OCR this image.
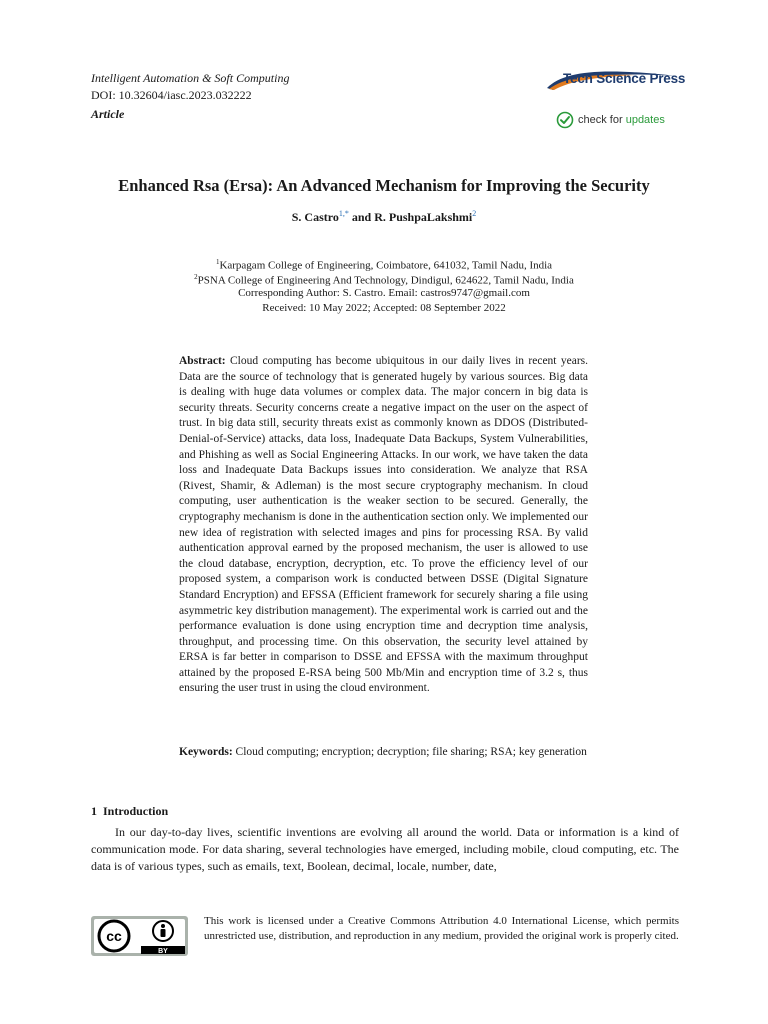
Intelligent Automation & Soft Computing
DOI: 10.32604/iasc.2023.032222
Article
Tech Science Press
check for updates
Enhanced Rsa (Ersa): An Advanced Mechanism for Improving the Security
S. Castro$^{1,*}$ and R. PushpaLakshmi$^2$
$^1$Karpagam College of Engineering, Coimbatore, 641032, Tamil Nadu, India
$^2$PSNA College of Engineering And Technology, Dindigul, 624622, Tamil Nadu, India
Corresponding Author: S. Castro. Email: castros9747@gmail.com
Received: 10 May 2022; Accepted: 08 September 2022
Abstract: Cloud computing has become ubiquitous in our daily lives in recent years. Data are the source of technology that is generated hugely by various sources. Big data is dealing with huge data volumes or complex data. The major concern in big data is security threats. Security concerns create a negative impact on the user on the aspect of trust. In big data still, security threats exist as commonly known as DDOS (Distributed-Denial-of-Service) attacks, data loss, Inadequate Data Backups, System Vulnerabilities, and Phishing as well as Social Engineering Attacks. In our work, we have taken the data loss and Inadequate Data Backups issues into consideration. We analyze that RSA (Rivest, Shamir, & Adleman) is the most secure cryptography mechanism. In cloud computing, user authentication is the weaker section to be secured. Generally, the cryptography mechanism is done in the authentication section only. We implemented our new idea of registration with selected images and pins for processing RSA. By valid authentication approval earned by the proposed mechanism, the user is allowed to use the cloud database, encryption, decryption, etc. To prove the efficiency level of our proposed system, a comparison work is conducted between DSSE (Digital Signature Standard Encryption) and EFSSA (Efficient framework for securely sharing a file using asymmetric key distribution management). The experimental work is carried out and the performance evaluation is done using encryption time and decryption time analysis, throughput, and processing time. On this observation, the security level attained by ERSA is far better in comparison to DSSE and EFSSA with the maximum throughput attained by the proposed E-RSA being 500 Mb/Min and encryption time of 3.2 s, thus ensuring the user trust in using the cloud environment.
Keywords: Cloud computing; encryption; decryption; file sharing; RSA; key generation
1  Introduction
In our day-to-day lives, scientific inventions are evolving all around the world. Data or information is a kind of communication mode. For data sharing, several technologies have emerged, including mobile, cloud computing, etc. The data is of various types, such as emails, text, Boolean, decimal, locale, number, date,
cc
BY
This work is licensed under a Creative Commons Attribution 4.0 International License, which permits unrestricted use, distribution, and reproduction in any medium, provided the original work is properly cited.
